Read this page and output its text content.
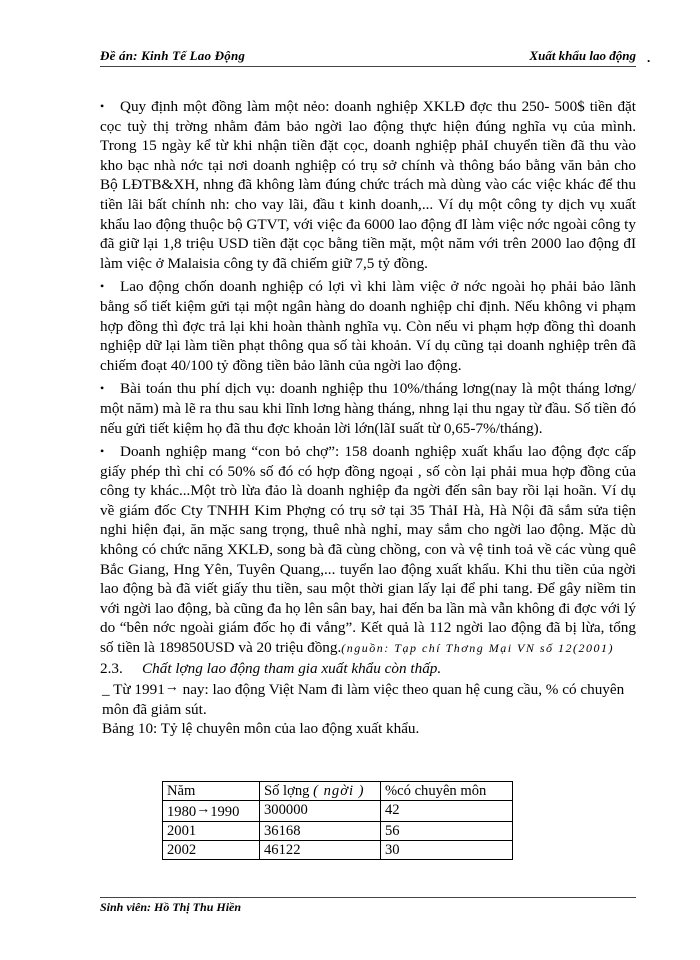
Đề án: Kinh Tế Lao Động	Xuất khẩu lao động .

• Quy định một đồng làm một nẻo: doanh nghiệp XKLĐ đợc thu 250- 500$ tiền đặt cọc tuỳ thị trờng nhằm đảm bảo ngời lao động thực hiện đúng nghĩa vụ của mình. Trong 15 ngày kể từ khi nhận tiền đặt cọc, doanh nghiệp phảI chuyển tiền đã thu vào kho bạc nhà nớc tại nơi doanh nghiệp có trụ sở chính và thông báo bằng văn bản cho Bộ LĐTB&XH, nhng đã không làm đúng chức trách mà dùng vào các việc khác để thu tiền lãi bất chính nh: cho vay lãi, đầu t kinh doanh,... Ví dụ một công ty dịch vụ xuất khẩu lao động thuộc bộ GTVT, với việc đa 6000 lao động đI làm việc nớc ngoài công ty đã giữ lại 1,8 triệu USD tiền đặt cọc bằng tiền mặt, một năm với trên 2000 lao động đI làm việc ở Malaisia công ty đã chiếm giữ 7,5 tỷ đồng.

• Lao động chốn doanh nghiệp có lợi vì khi làm việc ở nớc ngoài họ phải bảo lãnh bằng sổ tiết kiệm gửi tại một ngân hàng do doanh nghiệp chỉ định. Nếu không vi phạm hợp đồng thì đợc trả lại khi hoàn thành nghĩa vụ. Còn nếu vi phạm hợp đồng thì doanh nghiệp dữ lại làm tiền phạt thông qua số tài khoản. Ví dụ cũng tại doanh nghiệp trên đã chiếm đoạt 40/100 tỷ đồng tiền bảo lãnh của ngời lao động.

• Bài toán thu phí dịch vụ: doanh nghiệp thu 10%/tháng lơng(nay là một tháng lơng/ một năm) mà lẽ ra thu sau khi lĩnh lơng hàng tháng, nhng lại thu ngay từ đầu. Số tiền đó nếu gửi tiết kiệm họ đã thu đợc khoản lời lớn(lãI suất từ 0,65-7%/tháng).

• Doanh nghiệp mang “con bỏ chợ”: 158 doanh nghiệp xuất khẩu lao động đợc cấp giấy phép thì chỉ có 50% số đó có hợp đồng ngoại , số còn lại phải mua hợp đồng của công ty khác...Một trò lừa đảo là doanh nghiệp đa ngời đến sân bay rồi lại hoãn. Ví dụ về giám đốc Cty TNHH Kim Phợng có trụ sở tại 35 ThảI Hà, Hà Nội đã sắm sửa tiện nghi hiện đại, ăn mặc sang trọng, thuê nhà nghỉ, may sắm cho ngời lao động. Mặc dù không có chức năng XKLĐ, song bà đã cùng chồng, con và vệ tinh toả về các vùng quê Bắc Giang, Hng Yên, Tuyên Quang,... tuyển lao động xuất khẩu. Khi thu tiền của ngời lao động bà đã viết giấy thu tiền, sau một thời gian lấy lại để phi tang. Để gây niềm tin với ngời lao động, bà cũng đa họ lên sân bay, hai đến ba lần mà vẫn không đi đợc với lý do “bên nớc ngoài giám đốc họ đi vắng”. Kết quả là 112 ngời lao động đã bị lừa, tổng số tiền là 189850USD và 20 triệu đồng.(nguồn: Tạp chí Thơng Mại VN số 12(2001)

2.3. Chất lợng lao động tham gia xuất khẩu còn thấp.

_ Từ 1991→ nay: lao động Việt Nam đi làm việc theo quan hệ cung cầu, % có chuyên môn đã giảm sút.

Bảng 10: Tỷ lệ chuyên môn của lao động xuất khẩu.

Năm	Số lợng ( ngời )	%có chuyên môn
1980→1990	300000	42
2001	36168	56
2002	46122	30
Sinh viên: Hồ Thị Thu Hiền
